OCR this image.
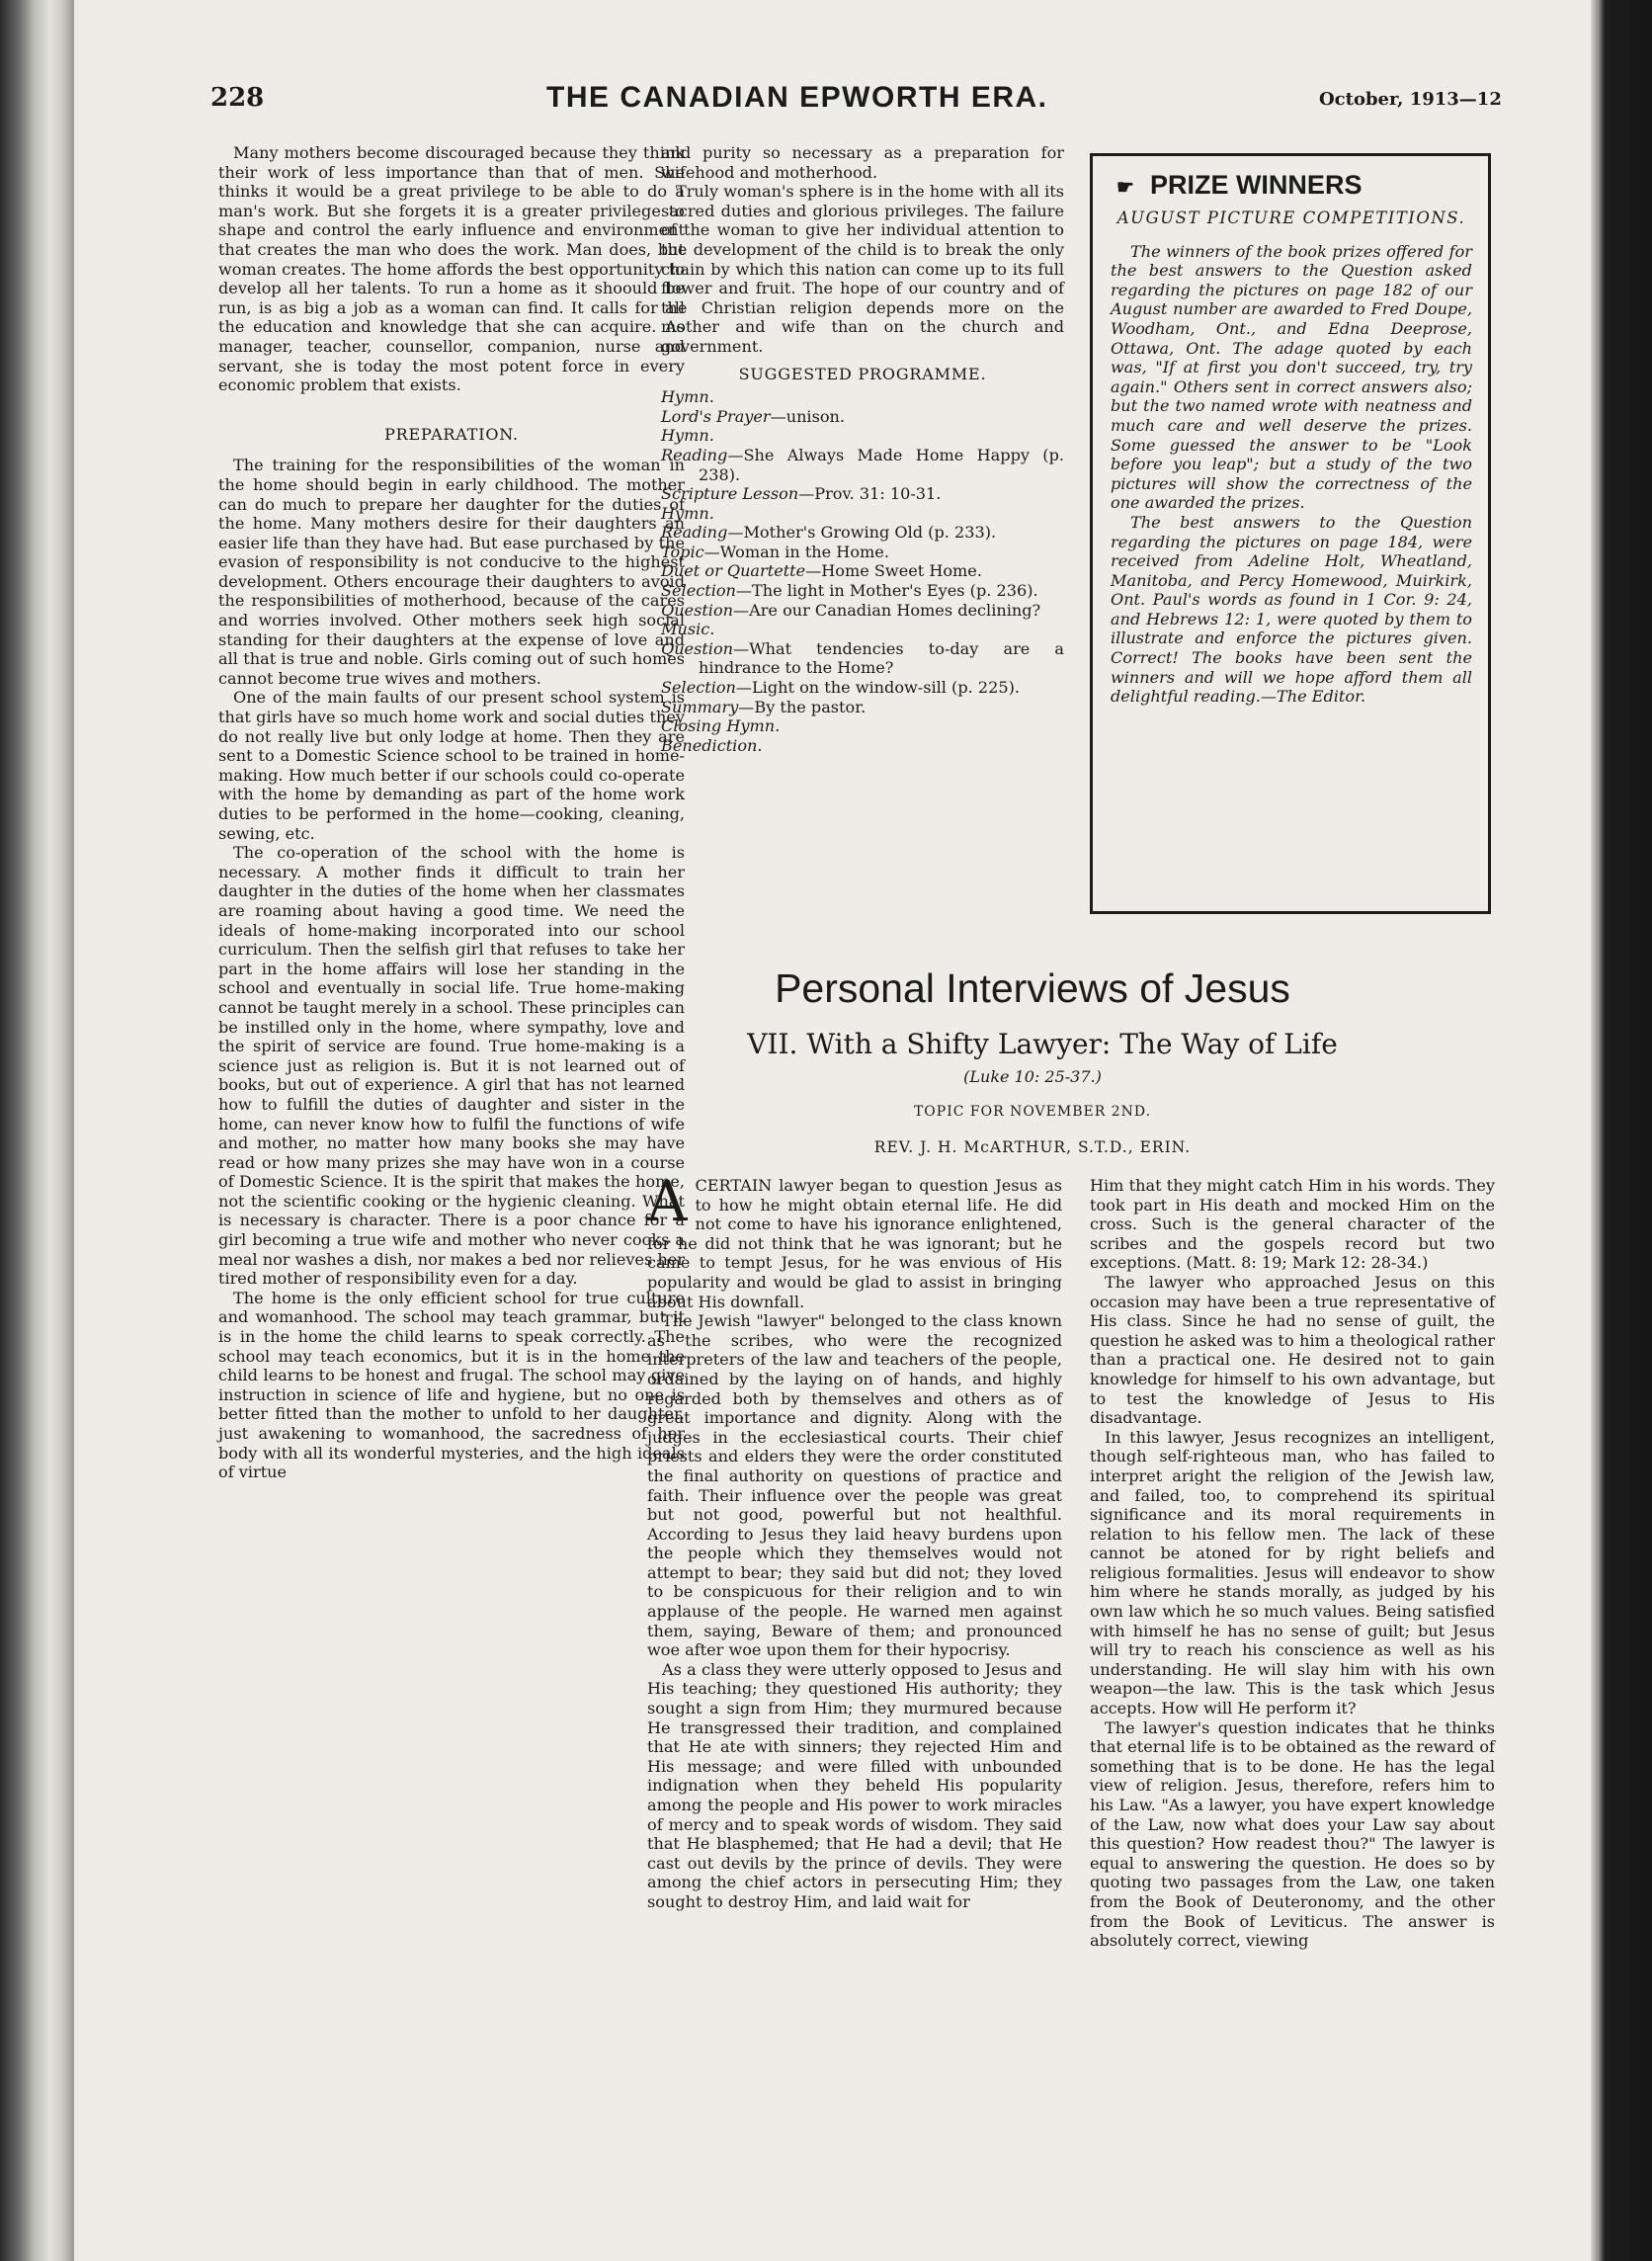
228	THE CANADIAN EPWORTH ERA.	October, 1913—12

Many mothers become discouraged because they think their work of less importance than that of men. She thinks it would be a great privilege to be able to do a man's work. But she forgets it is a greater privilege to shape and control the early influence and environment that creates the man who does the work. Man does, but woman creates. The home affords the best opportunity to develop all her talents. To run a home as it shoould be run, is as big a job as a woman can find. It calls for all the education and knowledge that she can acquire. As manager, teacher, counsellor, companion, nurse and servant, she is today the most potent force in every economic problem that exists.

PREPARATION.

The training for the responsibilities of the woman in the home should begin in early childhood. The mother can do much to prepare her daughter for the duties of the home. Many mothers desire for their daughters an easier life than they have had. But ease purchased by the evasion of responsibility is not conducive to the highest development. Others encourage their daughters to avoid the responsibilities of motherhood, because of the cares and worries involved. Other mothers seek high social standing for their daughters at the expense of love and all that is true and noble. Girls coming out of such homes cannot become true wives and mothers.

One of the main faults of our present school system is that girls have so much home work and social duties they do not really live but only lodge at home. Then they are sent to a Domestic Science school to be trained in home-making. How much better if our schools could co-operate with the home by demanding as part of the home work duties to be performed in the home—cooking, cleaning, sewing, etc.

The co-operation of the school with the home is necessary. A mother finds it difficult to train her daughter in the duties of the home when her classmates are roaming about having a good time. We need the ideals of home-making incorporated into our school curriculum. Then the selfish girl that refuses to take her part in the home affairs will lose her standing in the school and eventually in social life. True home-making cannot be taught merely in a school. These principles can be instilled only in the home, where sympathy, love and the spirit of service are found. True home-making is a science just as religion is. But it is not learned out of books, but out of experience. A girl that has not learned how to fulfill the duties of daughter and sister in the home, can never know how to fulfil the functions of wife and mother, no matter how many books she may have read or how many prizes she may have won in a course of Domestic Science. It is the spirit that makes the home, not the scientific cooking or the hygienic cleaning. What is necessary is character. There is a poor chance for a girl becoming a true wife and mother who never cooks a meal nor washes a dish, nor makes a bed nor relieves her tired mother of responsibility even for a day.

The home is the only efficient school for true culture and womanhood. The school may teach grammar, but it is in the home the child learns to speak correctly. The school may teach economics, but it is in the home the child learns to be honest and frugal. The school may give instruction in science of life and hygiene, but no one is better fitted than the mother to unfold to her daughter, just awakening to womanhood, the sacredness of her body with all its wonderful mysteries, and the high ideals of virtue

and purity so necessary as a preparation for wifehood and motherhood.

Truly woman's sphere is in the home with all its sacred duties and glorious privileges. The failure of the woman to give her individual attention to the development of the child is to break the only chain by which this nation can come up to its full flower and fruit. The hope of our country and of the Christian religion depends more on the mother and wife than on the church and government.

SUGGESTED PROGRAMME.
Hymn.
Lord's Prayer—unison.
Hymn.
Reading—She Always Made Home Happy (p. 238).
Scripture Lesson—Prov. 31: 10-31.
Hymn.
Reading—Mother's Growing Old (p. 233).
Topic—Woman in the Home.
Duet or Quartette—Home Sweet Home.
Selection—The light in Mother's Eyes (p. 236).
Question—Are our Canadian Homes declining?
Music.
Question—What tendencies to-day are a hindrance to the Home?
Selection—Light on the window-sill (p. 225).
Summary—By the pastor.
Closing Hymn.
Benediction.
☛ PRIZE WINNERS
AUGUST PICTURE COMPETITIONS.

The winners of the book prizes offered for the best answers to the Question asked regarding the pictures on page 182 of our August number are awarded to Fred Doupe, Woodham, Ont., and Edna Deeprose, Ottawa, Ont. The adage quoted by each was, "If at first you don't succeed, try, try again." Others sent in correct answers also; but the two named wrote with neatness and much care and well deserve the prizes. Some guessed the answer to be "Look before you leap"; but a study of the two pictures will show the correctness of the one awarded the prizes.

The best answers to the Question regarding the pictures on page 184, were received from Adeline Holt, Wheatland, Manitoba, and Percy Homewood, Muirkirk, Ont. Paul's words as found in 1 Cor. 9: 24, and Hebrews 12: 1, were quoted by them to illustrate and enforce the pictures given. Correct! The books have been sent the winners and will we hope afford them all delightful reading.—The Editor.

Personal Interviews of Jesus
VII. With a Shifty Lawyer: The Way of Life
(Luke 10: 25-37.)
TOPIC FOR NOVEMBER 2ND.
REV. J. H. McARTHUR, S.T.D., ERIN.

ACERTAIN lawyer began to question Jesus as to how he might obtain eternal life. He did not come to have his ignorance enlightened, for he did not think that he was ignorant; but he came to tempt Jesus, for he was envious of His popularity and would be glad to assist in bringing about His downfall.

The Jewish "lawyer" belonged to the class known as the scribes, who were the recognized interpreters of the law and teachers of the people, ordained by the laying on of hands, and highly regarded both by themselves and others as of great importance and dignity. Along with the judges in the ecclesiastical courts. Their chief priests and elders they were the order constituted the final authority on questions of practice and faith. Their influence over the people was great but not good, powerful but not healthful. According to Jesus they laid heavy burdens upon the people which they themselves would not attempt to bear; they said but did not; they loved to be conspicuous for their religion and to win applause of the people. He warned men against them, saying, Beware of them; and pronounced woe after woe upon them for their hypocrisy.

As a class they were utterly opposed to Jesus and His teaching; they questioned His authority; they sought a sign from Him; they murmured because He transgressed their tradition, and complained that He ate with sinners; they rejected Him and His message; and were filled with unbounded indignation when they beheld His popularity among the people and His power to work miracles of mercy and to speak words of wisdom. They said that He blasphemed; that He had a devil; that He cast out devils by the prince of devils. They were among the chief actors in persecuting Him; they sought to destroy Him, and laid wait for

Him that they might catch Him in his words. They took part in His death and mocked Him on the cross. Such is the general character of the scribes and the gospels record but two exceptions. (Matt. 8: 19; Mark 12: 28-34.)

The lawyer who approached Jesus on this occasion may have been a true representative of His class. Since he had no sense of guilt, the question he asked was to him a theological rather than a practical one. He desired not to gain knowledge for himself to his own advantage, but to test the knowledge of Jesus to His disadvantage.

In this lawyer, Jesus recognizes an intelligent, though self-righteous man, who has failed to interpret aright the religion of the Jewish law, and failed, too, to comprehend its spiritual significance and its moral requirements in relation to his fellow men. The lack of these cannot be atoned for by right beliefs and religious formalities. Jesus will endeavor to show him where he stands morally, as judged by his own law which he so much values. Being satisfied with himself he has no sense of guilt; but Jesus will try to reach his conscience as well as his understanding. He will slay him with his own weapon—the law. This is the task which Jesus accepts. How will He perform it?

The lawyer's question indicates that he thinks that eternal life is to be obtained as the reward of something that is to be done. He has the legal view of religion. Jesus, therefore, refers him to his Law. "As a lawyer, you have expert knowledge of the Law, now what does your Law say about this question? How readest thou?" The lawyer is equal to answering the question. He does so by quoting two passages from the Law, one taken from the Book of Deuteronomy, and the other from the Book of Leviticus. The answer is absolutely correct, viewing
